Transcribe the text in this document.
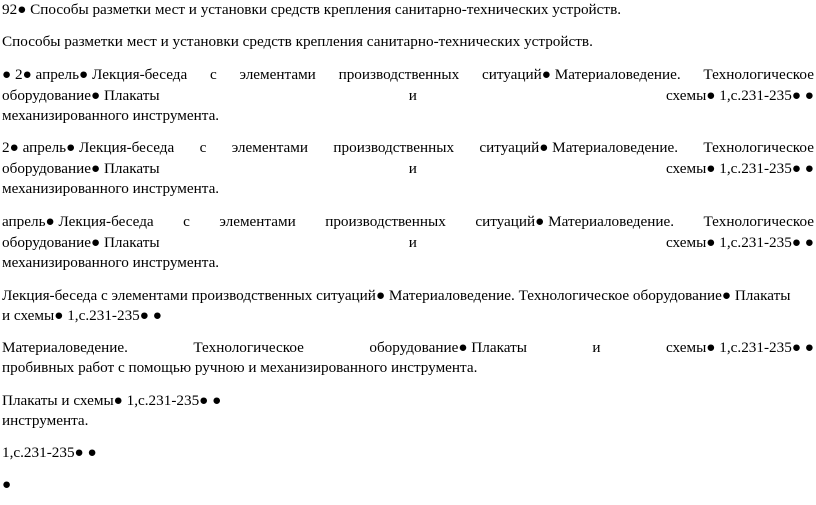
92● Способы разметки мест и установки средств крепления санитарно-технических устройств.
Способы разметки мест и установки средств крепления санитарно-технических устройств.
● 2● апрель● Лекция-беседа с элементами производственных ситуаций● Материаловедение. Технологическое
оборудование● Плакаты	и	схемы● 1,с.231-235● ●
механизированного инструмента.
2● апрель● Лекция-беседа с элементами производственных ситуаций● Материаловедение. Технологическое
оборудование● Плакаты	и	схемы● 1,с.231-235● ●
механизированного инструмента.
апрель● Лекция-беседа с элементами производственных ситуаций● Материаловедение. Технологическое
оборудование● Плакаты	и	схемы● 1,с.231-235● ●
механизированного инструмента.
Лекция-беседа с элементами производственных ситуаций● Материаловедение. Технологическое оборудование● Плакаты
и схемы● 1,с.231-235● ●
Материаловедение.	Технологическое	оборудование● Плакаты	и	схемы● 1,с.231-235● ●
пробивных работ с помощью ручною и механизированного инструмента.
Плакаты и схемы● 1,с.231-235● ●
инструмента.
1,с.231-235● ●
●
